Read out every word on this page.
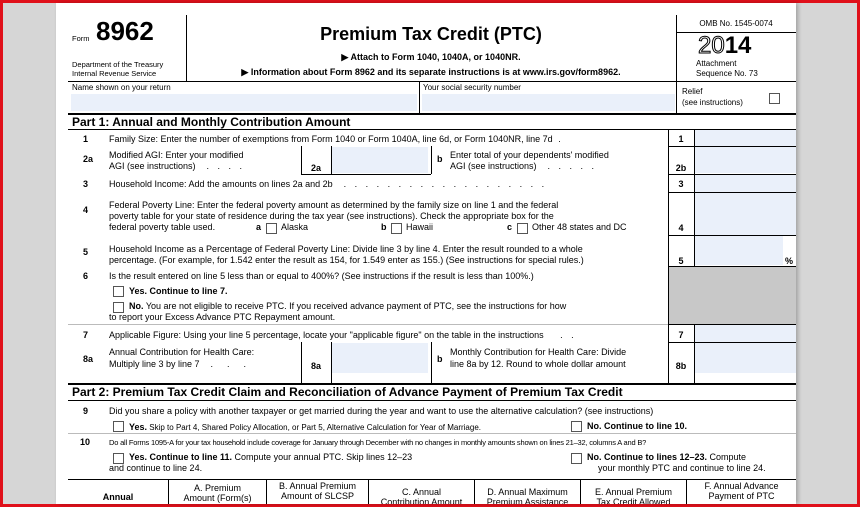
Form 8962
Department of the Treasury
Internal Revenue Service
Premium Tax Credit (PTC)
▶ Attach to Form 1040, 1040A, or 1040NR.
▶ Information about Form 8962 and its separate instructions is at www.irs.gov/form8962.
OMB No. 1545-0074
2014
Attachment
Sequence No. 73
Name shown on your return	Your social security number	Relief
(see instructions)
Part 1: Annual and Monthly Contribution Amount
1 Family Size: Enter the number of exemptions from Form 1040 or Form 1040A, line 6d, or Form 1040NR, line 7d .	1
2a Modified AGI: Enter your modified
AGI (see instructions)  . . . .	2a
b Enter total of your dependents' modified
AGI (see instructions)  . . . . .	2b
3 Household Income: Add the amounts on lines 2a and 2b  . . . . . . . . . . . . . . . . . . .	3
4 Federal Poverty Line: Enter the federal poverty amount as determined by the family size on line 1 and the federal
poverty table for your state of residence during the tax year (see instructions). Check the appropriate box for the
federal poverty table used.	a Alaska	b Hawaii	c Other 48 states and DC	4
5 Household Income as a Percentage of Federal Poverty Line: Divide line 3 by line 4. Enter the result rounded to a whole
percentage. (For example, for 1.542 enter the result as 154, for 1.549 enter as 155.) (See instructions for special rules.)	5	%
6 Is the result entered on line 5 less than or equal to 400%? (See instructions if the result is less than 100%.)
Yes. Continue to line 7.
No. You are not eligible to receive PTC. If you received advance payment of PTC, see the instructions for how
to report your Excess Advance PTC Repayment amount.
7 Applicable Figure: Using your line 5 percentage, locate your "applicable figure" on the table in the instructions   . .	7
8a
Annual Contribution for Health Care:
Multiply line 3 by line 7  .  .  .	8a
b
Monthly Contribution for Health Care: Divide
line 8a by 12. Round to whole dollar amount	8b
Part 2: Premium Tax Credit Claim and Reconciliation of Advance Payment of Premium Tax Credit
9 Did you share a policy with another taxpayer or get married during the year and want to use the alternative calculation? (see instructions)
Yes. Skip to Part 4, Shared Policy Allocation, or Part 5, Alternative Calculation for Year of Marriage.	No. Continue to line 10.
10	Do all Forms 1095-A for your tax household include coverage for January through December with no changes in monthly amounts shown on lines 21–32, columns A and B?
Yes. Continue to line 11. Compute your annual PTC. Skip lines 12–23
and continue to line 24.
No. Continue to lines 12–23. Compute
your monthly PTC and continue to line 24.
Annual
A. Premium
Amount (Form(s)
B. Annual Premium
Amount of SLCSP	C. Annual
Contribution Amount
D. Annual Maximum
Premium Assistance
E. Annual Premium
Tax Credit Allowed
F. Annual Advance
Payment of PTC
